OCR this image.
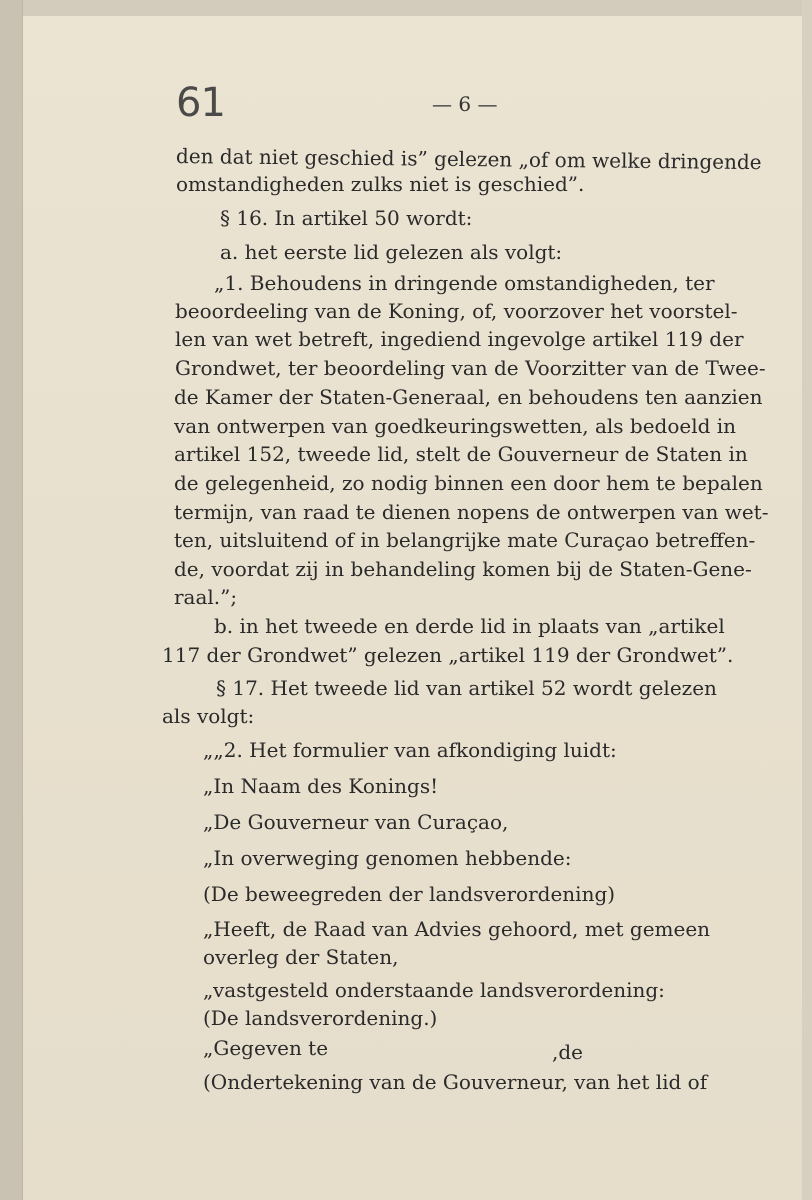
61	— 6 —
den dat niet geschied is” gelezen „of om welke dringende
omstandigheden zulks niet is geschied”.
§ 16. In artikel 50 wordt:
a. het eerste lid gelezen als volgt:
„1. Behoudens in dringende omstandigheden, ter
beoordeeling van de Koning, of, voorzover het voorstel-
len van wet betreft, ingediend ingevolge artikel 119 der
Grondwet, ter beoordeling van de Voorzitter van de Twee-
de Kamer der Staten-Generaal, en behoudens ten aanzien
van ontwerpen van goedkeuringswetten, als bedoeld in
artikel 152, tweede lid, stelt de Gouverneur de Staten in
de gelegenheid, zo nodig binnen een door hem te bepalen
termijn, van raad te dienen nopens de ontwerpen van wet-
ten, uitsluitend of in belangrijke mate Curaçao betreffen-
de, voordat zij in behandeling komen bij de Staten-Gene-
raal.”;
b. in het tweede en derde lid in plaats van „artikel
117 der Grondwet” gelezen „artikel 119 der Grondwet”.
§ 17. Het tweede lid van artikel 52 wordt gelezen
als volgt:
„„2. Het formulier van afkondiging luidt:
„In Naam des Konings!
„De Gouverneur van Curaçao,
„In overweging genomen hebbende:
(De beweegreden der landsverordening)
„Heeft, de Raad van Advies gehoord, met gemeen
overleg der Staten,
„vastgesteld onderstaande landsverordening:
(De landsverordening.)
„Gegeven te	,de
(Ondertekening van de Gouverneur, van het lid of
